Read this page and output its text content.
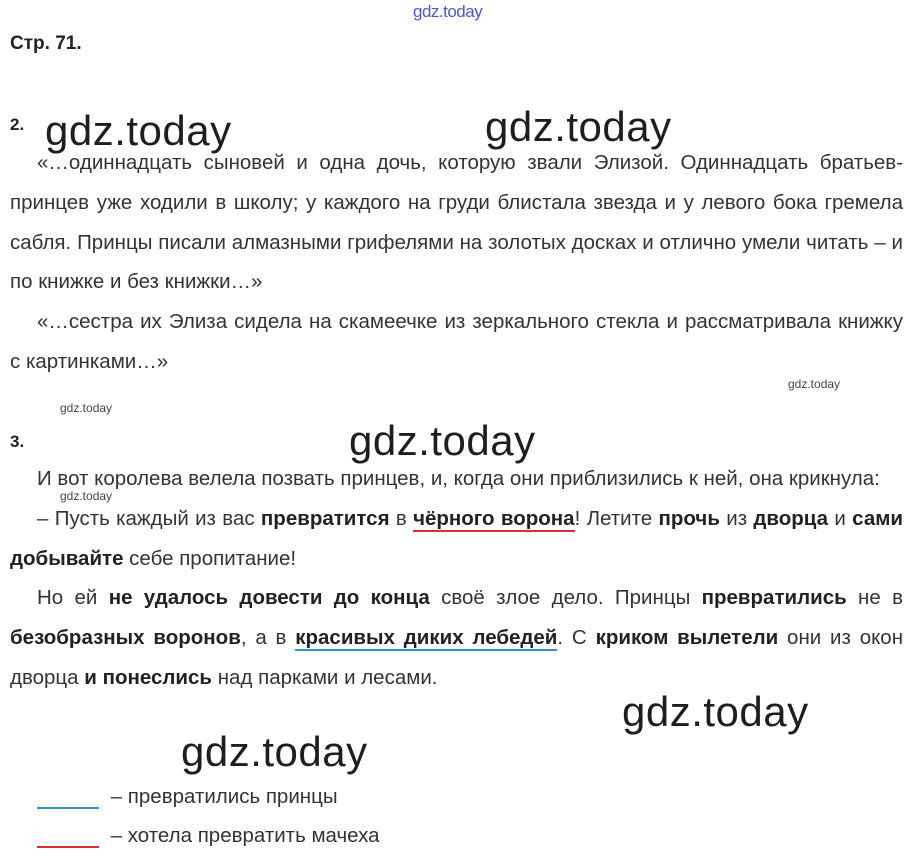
gdz.today
Стр. 71.
2.

«…одиннадцать сыновей и одна дочь, которую звали Элизой. Одиннадцать братьев-принцев уже ходили в школу; у каждого на груди блистала звезда и у левого бока гремела сабля. Принцы писали алмазными грифелями на золотых досках и отлично умели читать – и по книжке и без книжки…»

«…сестра их Элиза сидела на скамеечке из зеркального стекла и рассматривала книжку с картинками…»

3.

И вот королева велела позвать принцев, и, когда они приблизились к ней, она крикнула:

– Пусть каждый из вас превратится в чёрного ворона! Летите прочь из дворца и сами добывайте себе пропитание!

Но ей не удалось довести до конца своё злое дело. Принцы превратились не в безобразных воронов, а в красивых диких лебедей. С криком вылетели они из окон дворца и понеслись над парками и лесами.

– превратились принцы
– хотела превратить мачеха
gdz.today	gdz.today
gdz.today
gdz.today
gdz.today
gdz.today
gdz.today
gdz.today
